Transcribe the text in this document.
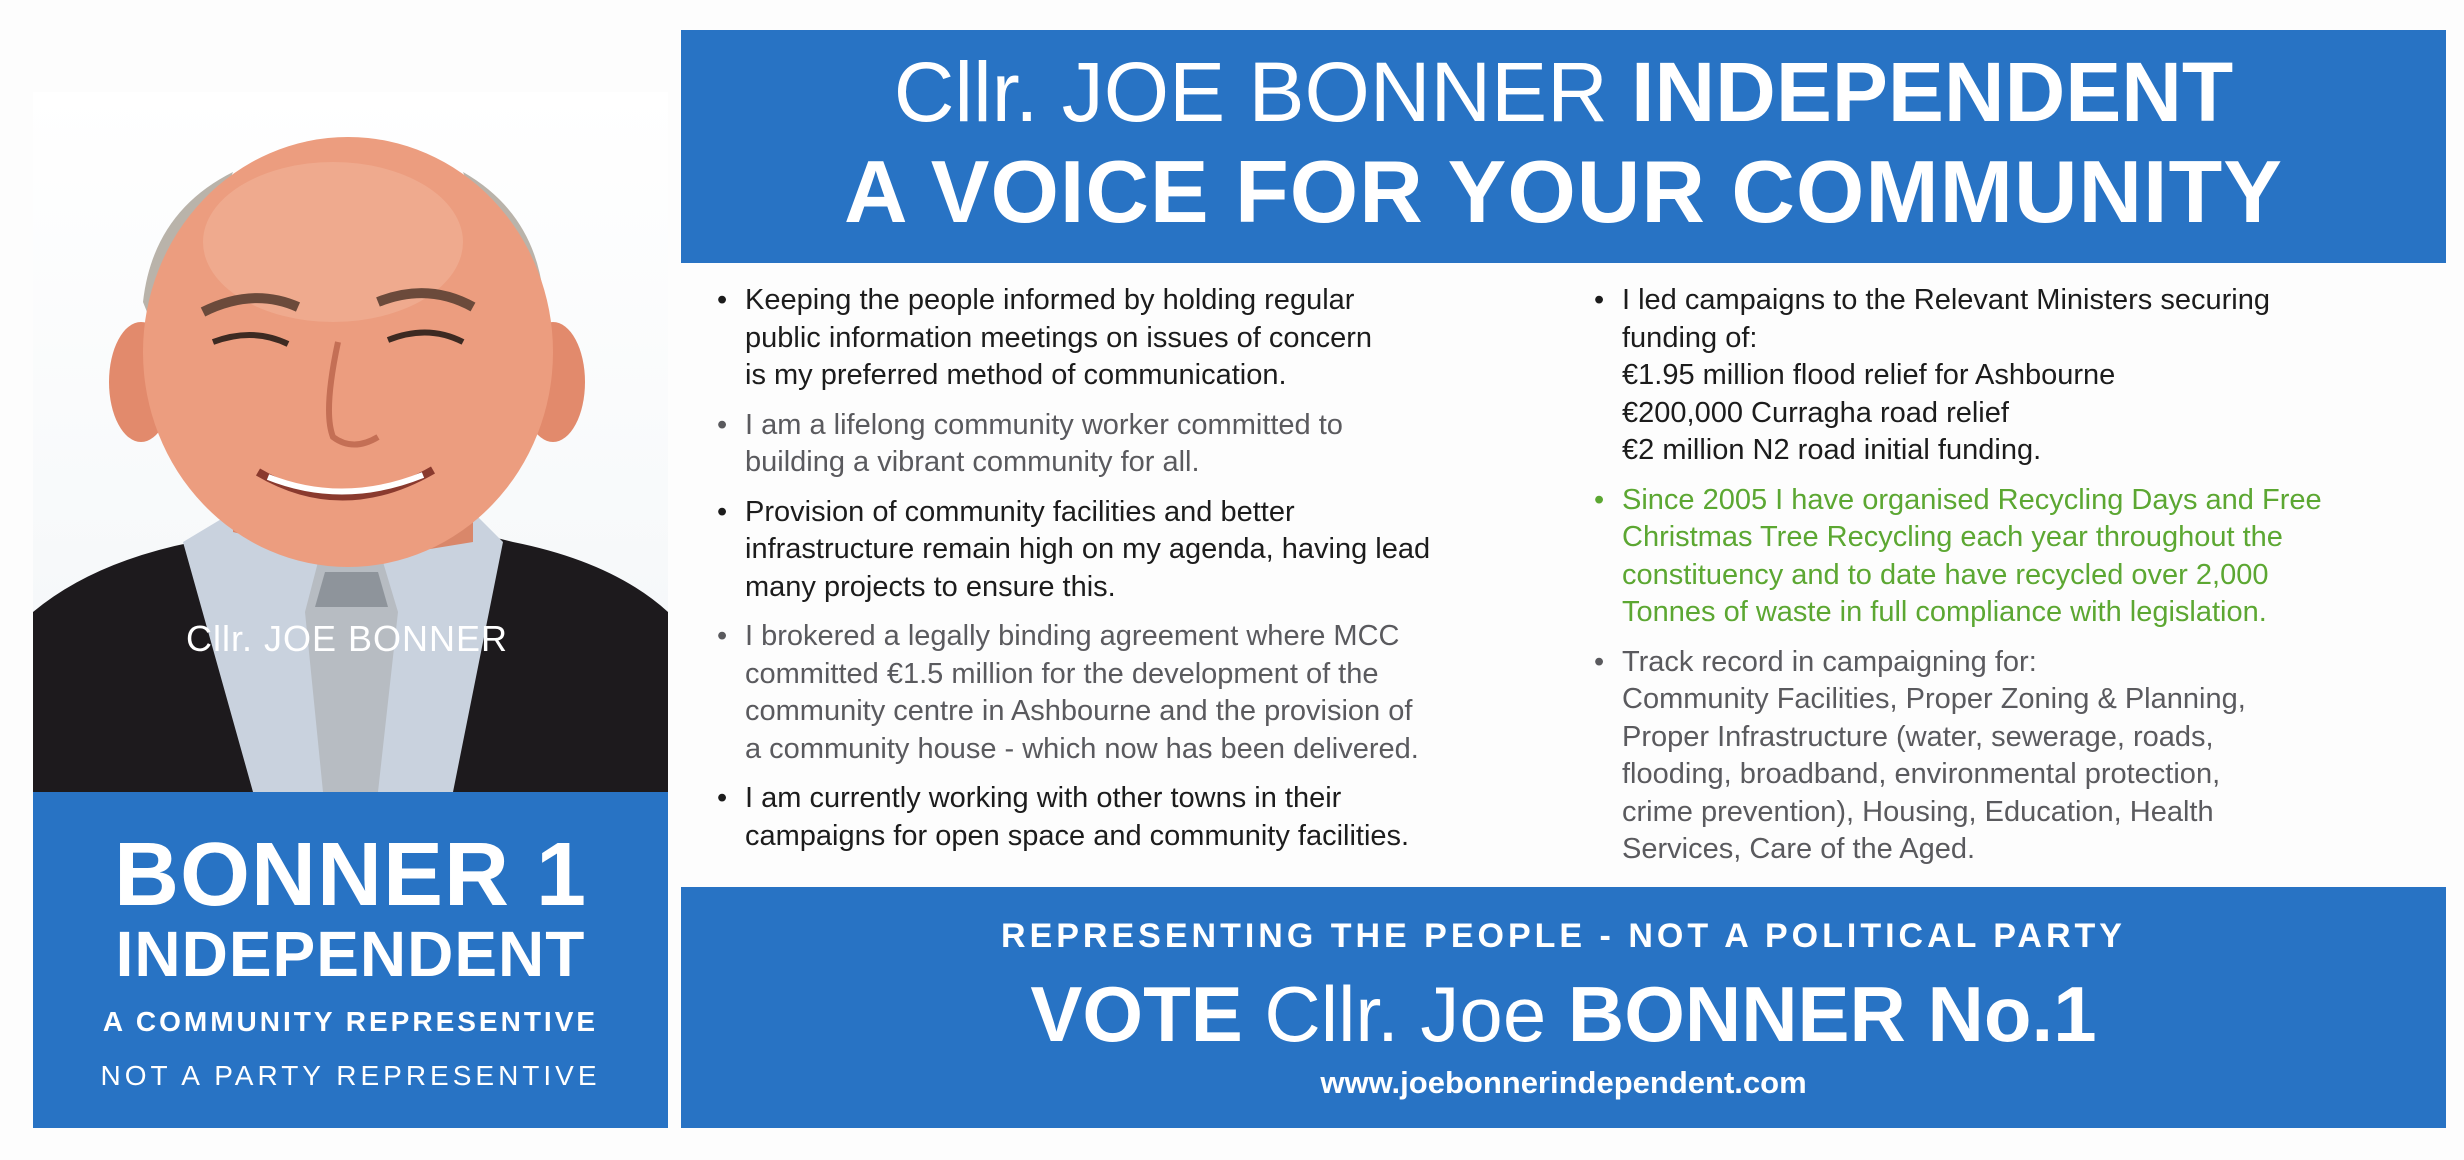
Cllr. JOE BONNER
BONNER 1
INDEPENDENT
A COMMUNITY REPRESENTIVE
NOT A PARTY REPRESENTIVE
Cllr. JOE BONNER INDEPENDENT
A VOICE FOR YOUR COMMUNITY
• Keeping the people informed by holding regular
public information meetings on issues of concern
is my preferred method of communication.
• I am a lifelong community worker committed to
building a vibrant community for all.
• Provision of community facilities and better
infrastructure remain high on my agenda, having lead
many projects to ensure this.
• I brokered a legally binding agreement where MCC
committed €1.5 million for the development of the
community centre in Ashbourne and the provision of
a community house - which now has been delivered.
• I am currently working with other towns in their
campaigns for open space and community facilities.
• I led campaigns to the Relevant Ministers securing
funding of:
€1.95 million flood relief for Ashbourne
€200,000 Curragha road relief
€2 million N2 road initial funding.
• Since 2005 I have organised Recycling Days and Free
Christmas Tree Recycling each year throughout the
constituency and to date have recycled over 2,000
Tonnes of waste in full compliance with legislation.
• Track record in campaigning for:
Community Facilities, Proper Zoning & Planning,
Proper Infrastructure (water, sewerage, roads,
flooding, broadband, environmental protection,
crime prevention), Housing, Education, Health
Services, Care of the Aged.
REPRESENTING THE PEOPLE - NOT A POLITICAL PARTY
VOTE Cllr. Joe BONNER No.1
www.joebonnerindependent.com
